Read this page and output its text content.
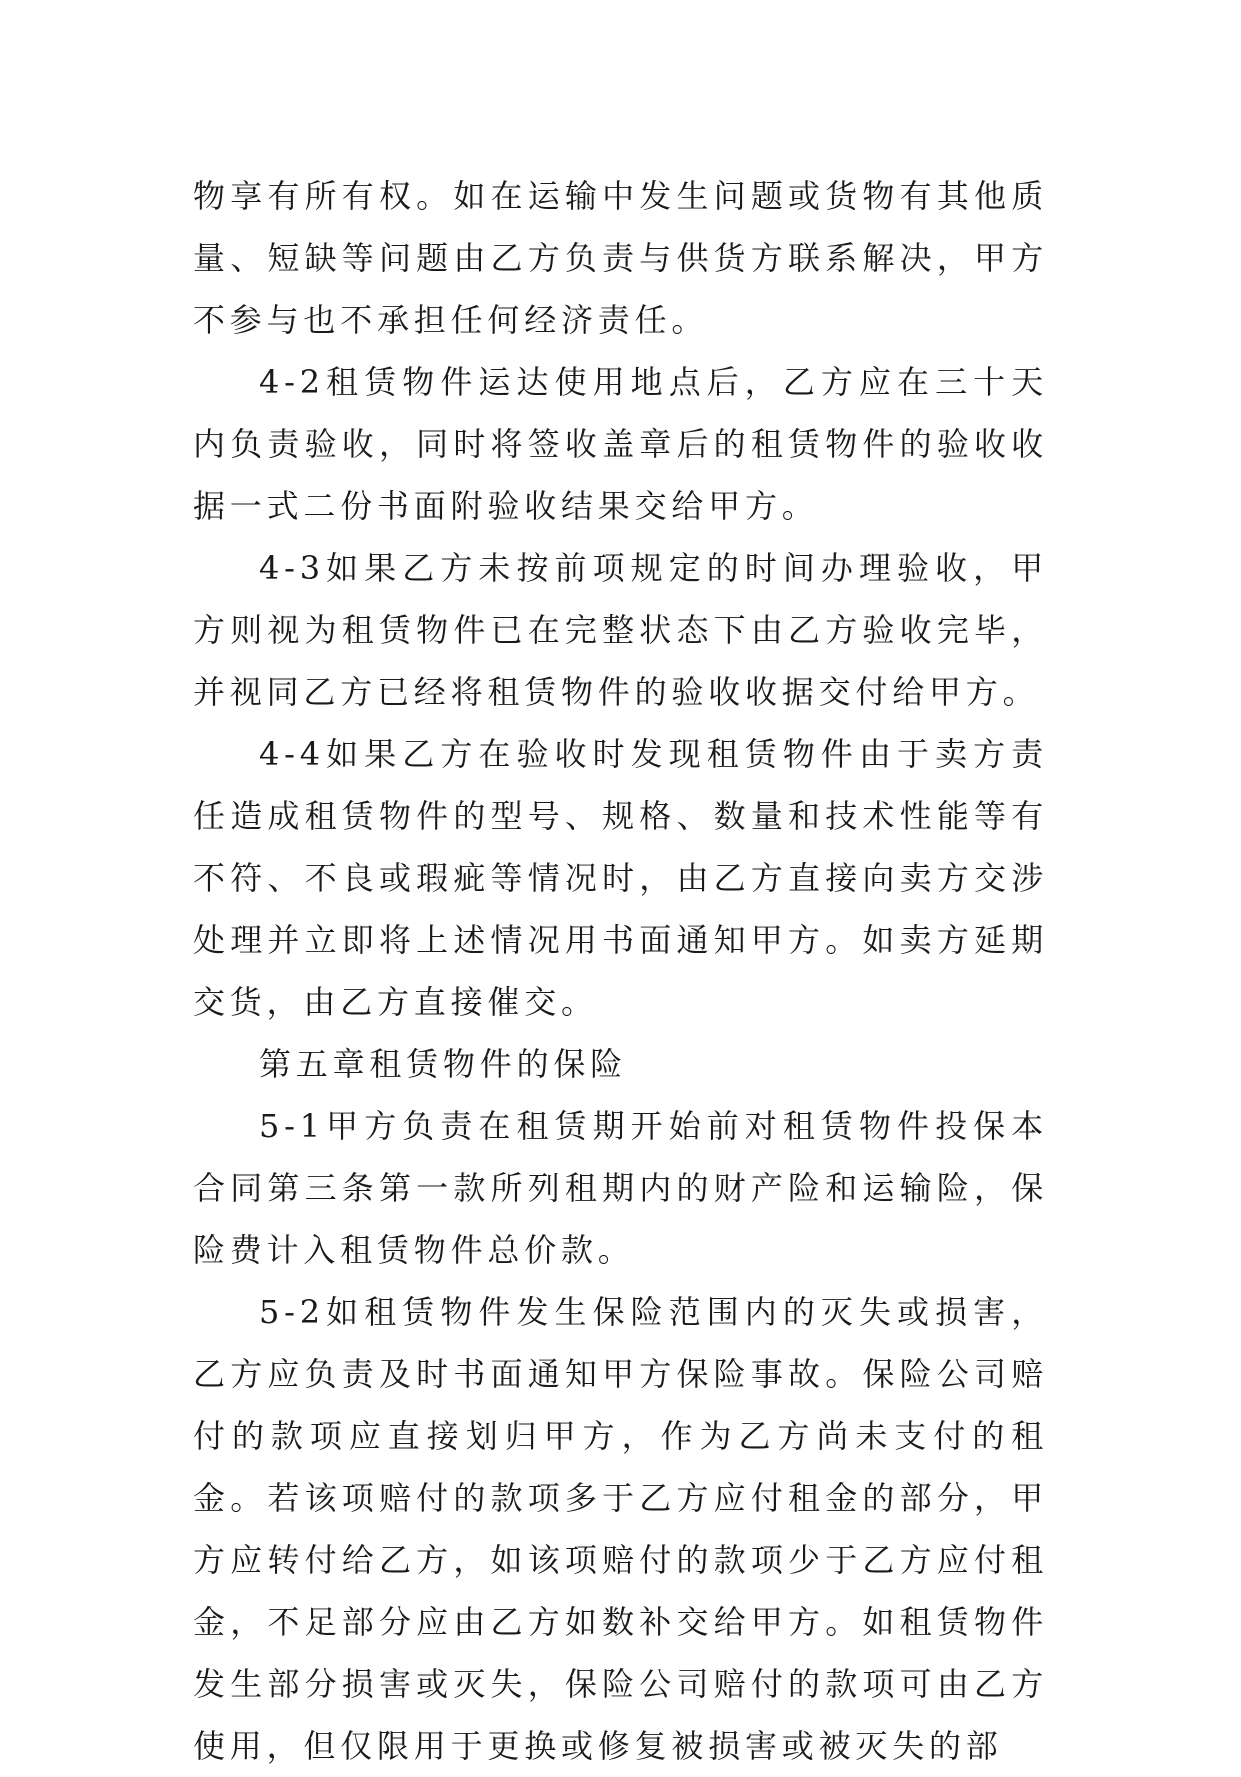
物享有所有权。如在运输中发生问题或货物有其他质量、短缺等问题由乙方负责与供货方联系解决，甲方不参与也不承担任何经济责任。

4-2租赁物件运达使用地点后，乙方应在三十天内负责验收，同时将签收盖章后的租赁物件的验收收据一式二份书面附验收结果交给甲方。

4-3如果乙方未按前项规定的时间办理验收，甲方则视为租赁物件已在完整状态下由乙方验收完毕，并视同乙方已经将租赁物件的验收收据交付给甲方。

4-4如果乙方在验收时发现租赁物件由于卖方责任造成租赁物件的型号、规格、数量和技术性能等有不符、不良或瑕疵等情况时，由乙方直接向卖方交涉处理并立即将上述情况用书面通知甲方。如卖方延期交货，由乙方直接催交。

第五章租赁物件的保险

5-1甲方负责在租赁期开始前对租赁物件投保本合同第三条第一款所列租期内的财产险和运输险，保险费计入租赁物件总价款。

5-2如租赁物件发生保险范围内的灭失或损害，乙方应负责及时书面通知甲方保险事故。保险公司赔付的款项应直接划归甲方，作为乙方尚未支付的租金。若该项赔付的款项多于乙方应付租金的部分，甲方应转付给乙方，如该项赔付的款项少于乙方应付租金，不足部分应由乙方如数补交给甲方。如租赁物件发生部分损害或灭失，保险公司赔付的款项可由乙方使用，但仅限用于更换或修复被损害或被灭失的部
